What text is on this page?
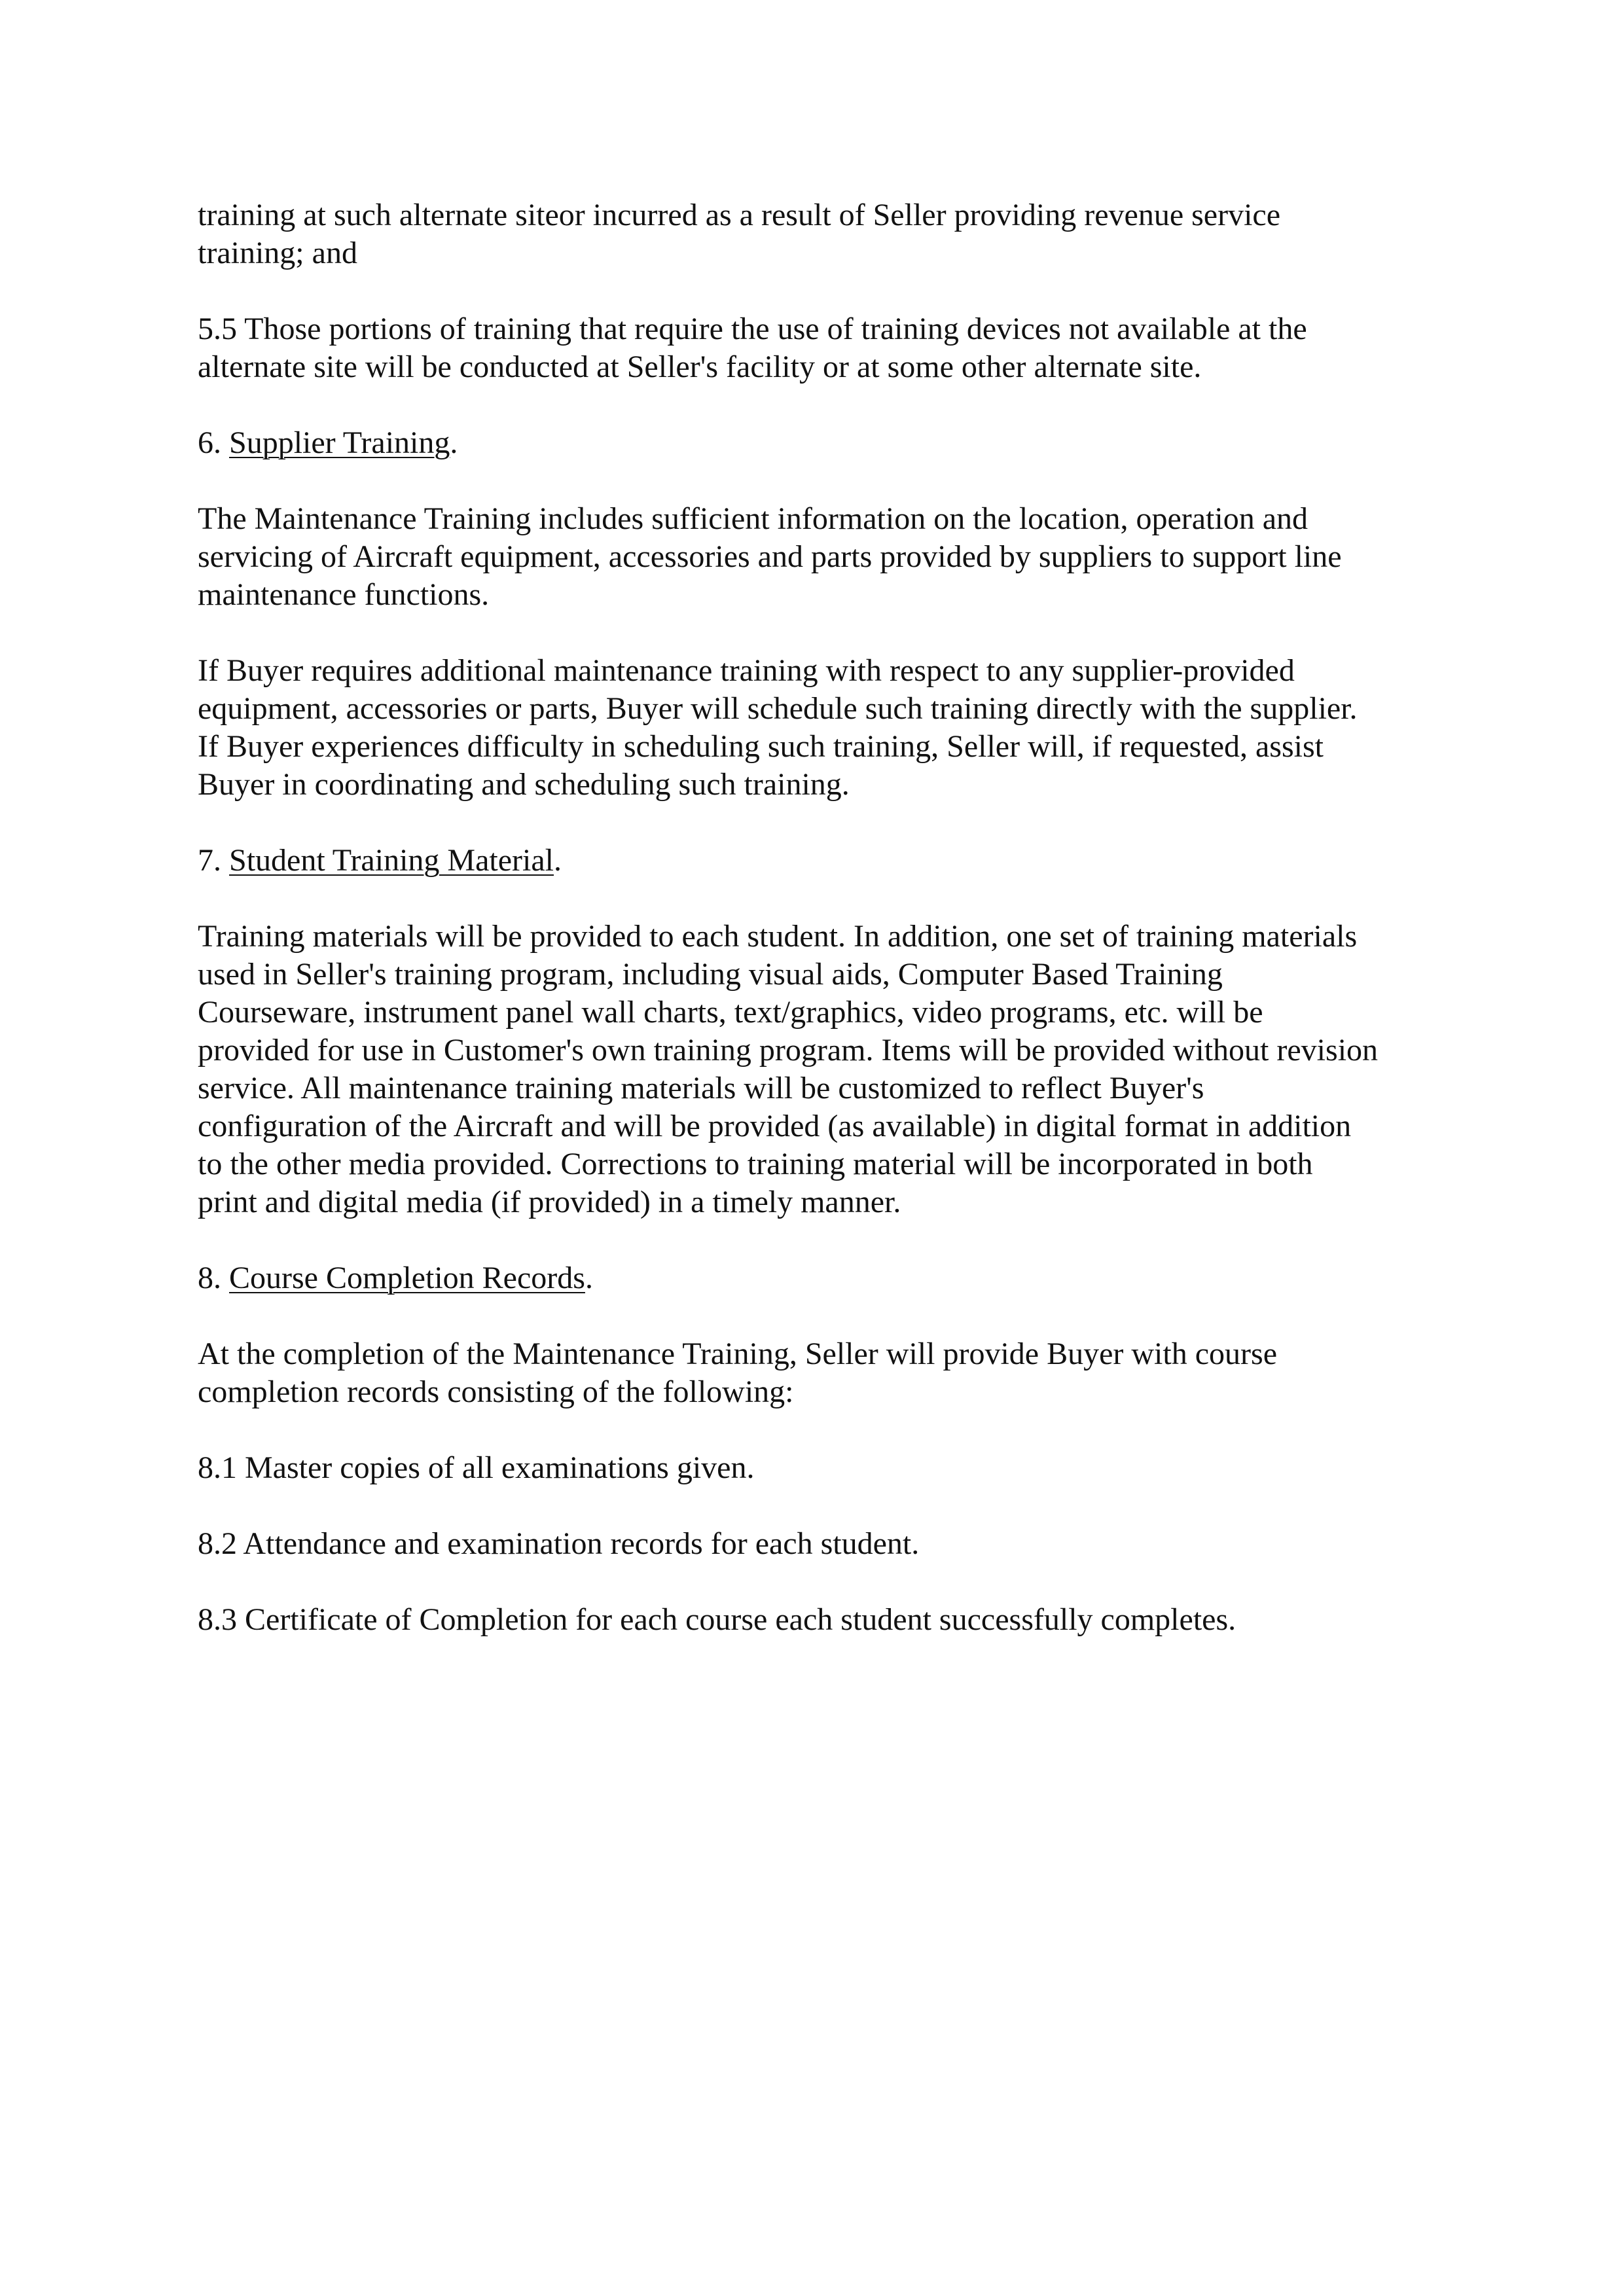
training at such alternate siteor incurred as a result of Seller providing revenue service
training; and

5.5 Those portions of training that require the use of training devices not available at the
alternate site will be conducted at Seller's facility or at some other alternate site.

6. Supplier Training.

The Maintenance Training includes sufficient information on the location, operation and
servicing of Aircraft equipment, accessories and parts provided by suppliers to support line
maintenance functions.

If Buyer requires additional maintenance training with respect to any supplier-provided
equipment, accessories or parts, Buyer will schedule such training directly with the supplier.
If Buyer experiences difficulty in scheduling such training, Seller will, if requested, assist
Buyer in coordinating and scheduling such training.

7. Student Training Material.

Training materials will be provided to each student. In addition, one set of training materials
used in Seller's training program, including visual aids, Computer Based Training
Courseware, instrument panel wall charts, text/graphics, video programs, etc. will be
provided for use in Customer's own training program. Items will be provided without revision
service. All maintenance training materials will be customized to reflect Buyer's
configuration of the Aircraft and will be provided (as available) in digital format in addition
to the other media provided. Corrections to training material will be incorporated in both
print and digital media (if provided) in a timely manner.

8. Course Completion Records.

At the completion of the Maintenance Training, Seller will provide Buyer with course
completion records consisting of the following:

8.1 Master copies of all examinations given.

8.2 Attendance and examination records for each student.

8.3 Certificate of Completion for each course each student successfully completes.
